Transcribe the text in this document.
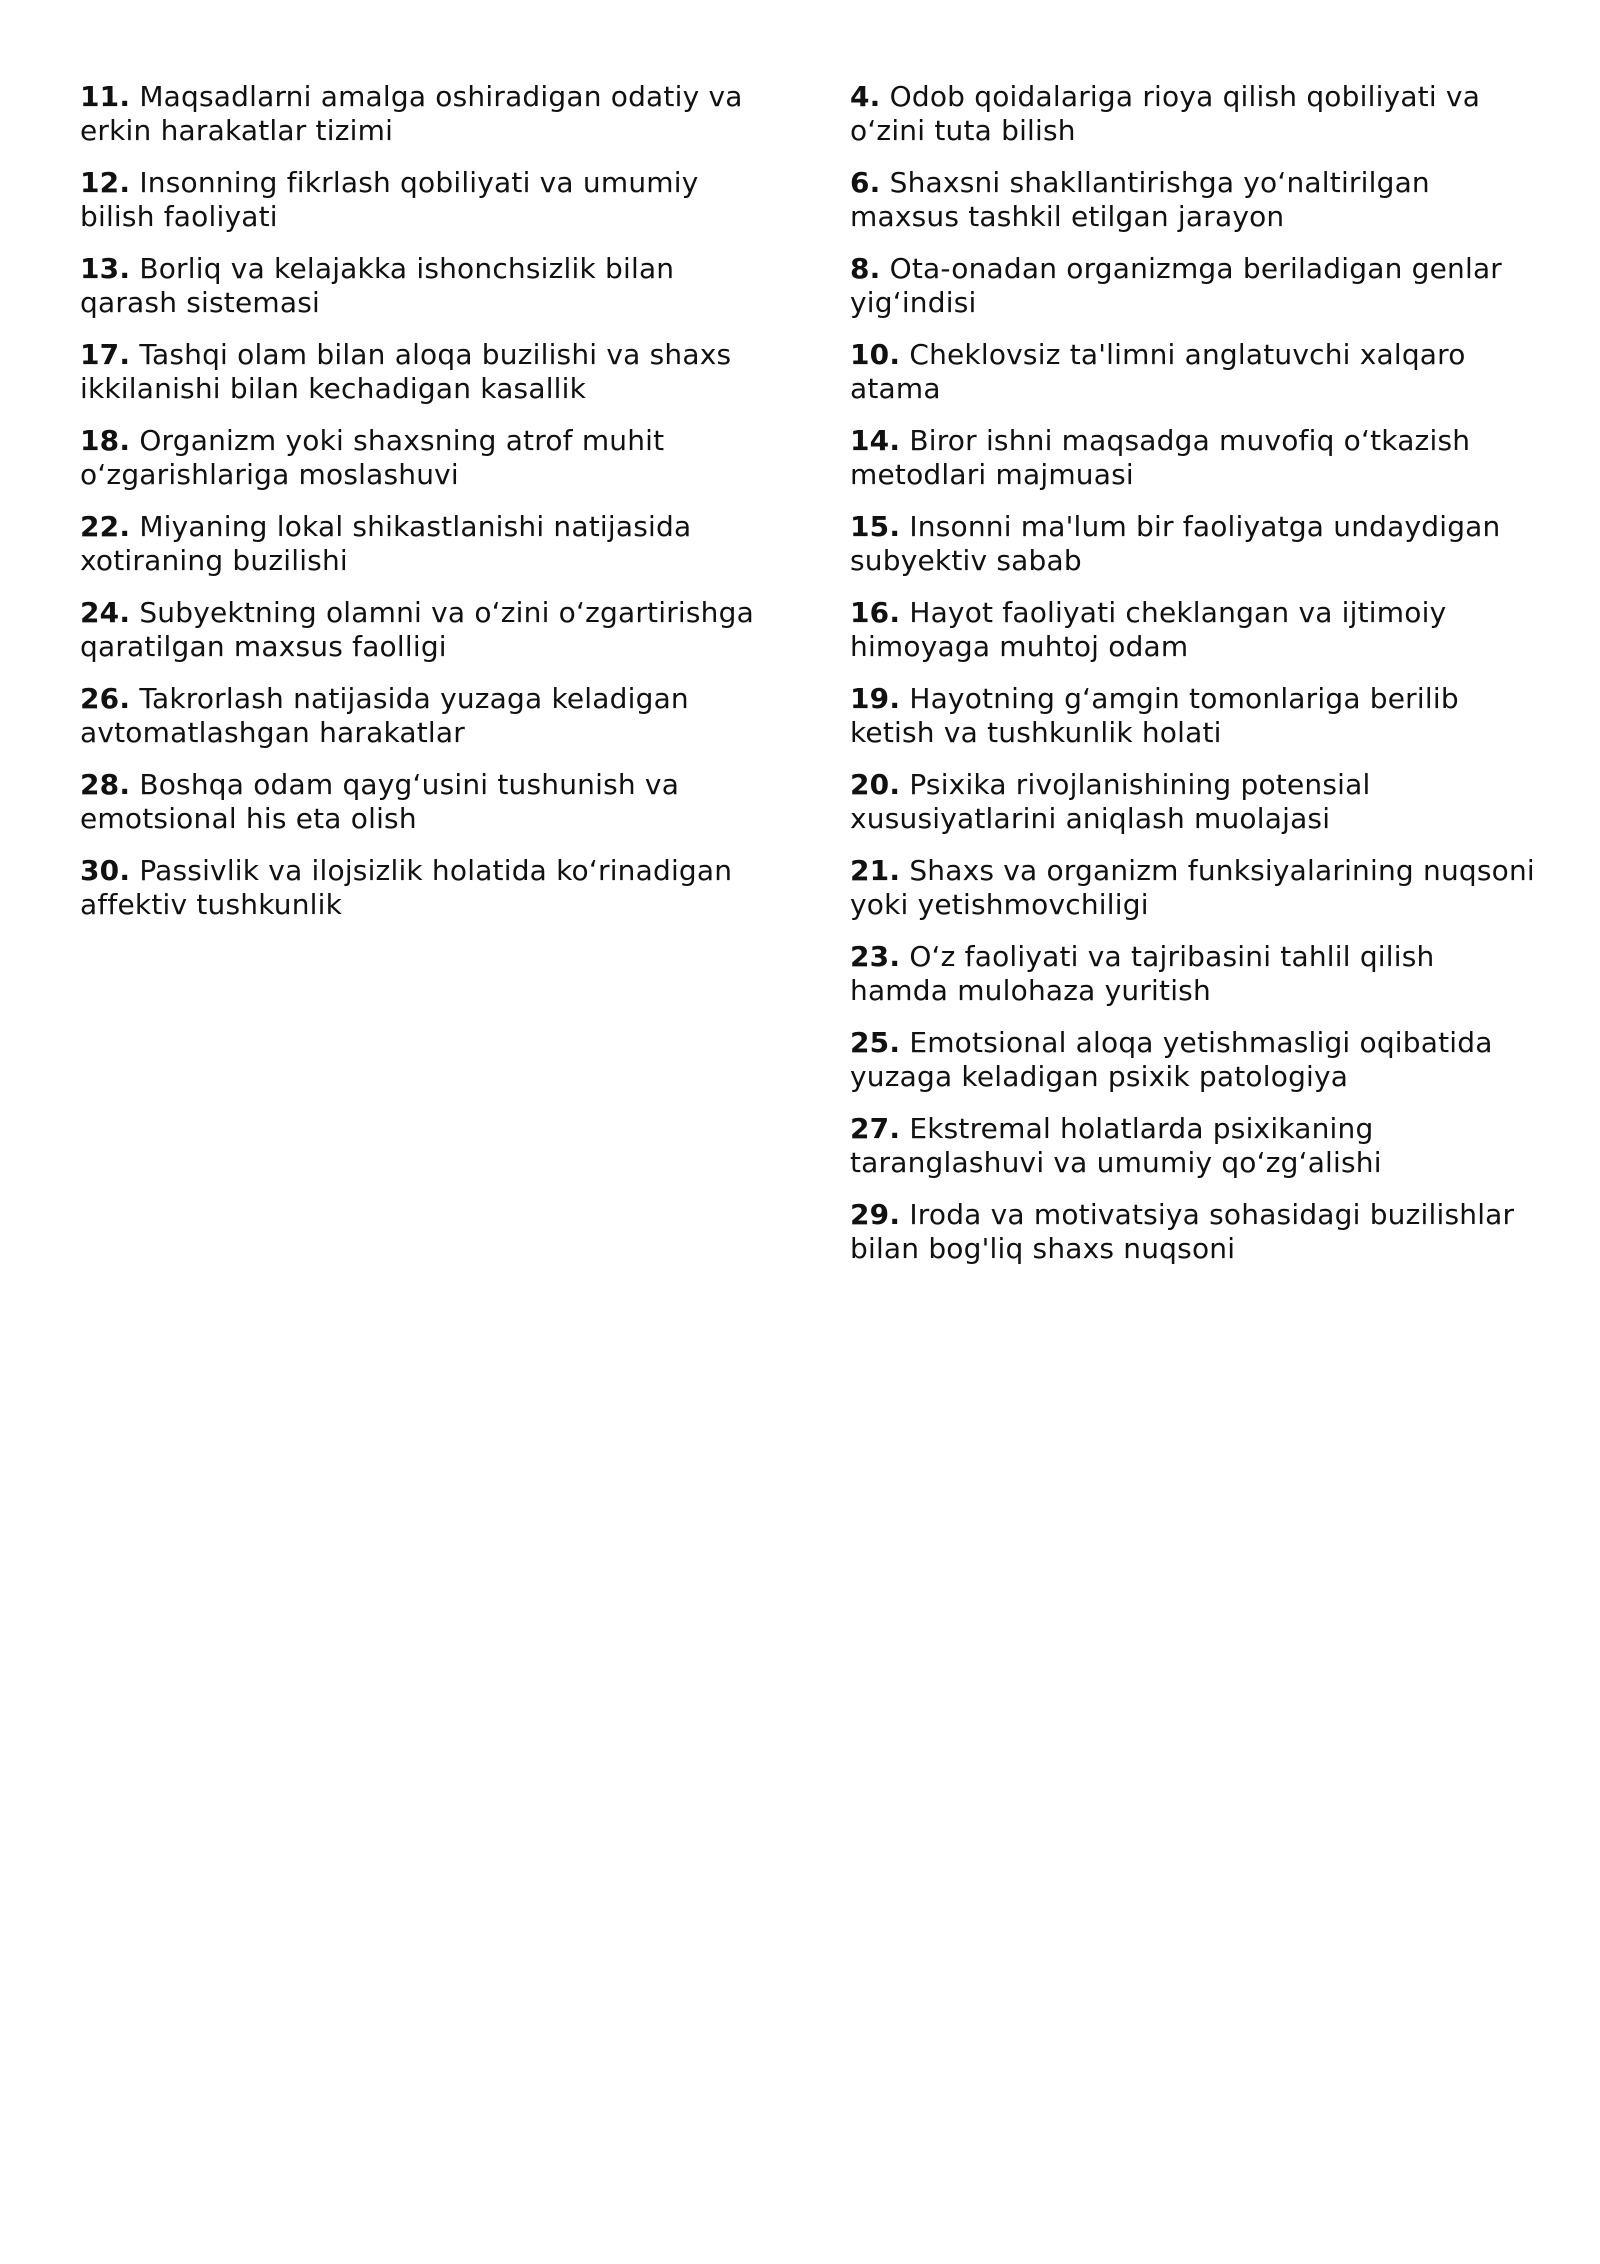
11. Maqsadlarni amalga oshiradigan odatiy va erkin harakatlar tizimi

12. Insonning fikrlash qobiliyati va umumiy bilish faoliyati

13. Borliq va kelajakka ishonchsizlik bilan qarash sistemasi

17. Tashqi olam bilan aloqa buzilishi va shaxs ikkilanishi bilan kechadigan kasallik

18. Organizm yoki shaxsning atrof muhit o‘zgarishlariga moslashuvi

22. Miyaning lokal shikastlanishi natijasida xotiraning buzilishi

24. Subyektning olamni va o‘zini o‘zgartirishga qaratilgan maxsus faolligi

26. Takrorlash natijasida yuzaga keladigan avtomatlashgan harakatlar

28. Boshqa odam qayg‘usini tushunish va emotsional his eta olish

30. Passivlik va ilojsizlik holatida ko‘rinadigan affektiv tushkunlik

4. Odob qoidalariga rioya qilish qobiliyati va o‘zini tuta bilish

6. Shaxsni shakllantirishga yo‘naltirilgan maxsus tashkil etilgan jarayon

8. Ota-onadan organizmga beriladigan genlar yig‘indisi

10. Cheklovsiz ta'limni anglatuvchi xalqaro atama

14. Biror ishni maqsadga muvofiq o‘tkazish metodlari majmuasi

15. Insonni ma'lum bir faoliyatga undaydigan subyektiv sabab

16. Hayot faoliyati cheklangan va ijtimoiy himoyaga muhtoj odam

19. Hayotning g‘amgin tomonlariga berilib ketish va tushkunlik holati

20. Psixika rivojlanishining potensial xususiyatlarini aniqlash muolajasi

21. Shaxs va organizm funksiyalarining nuqsoni yoki yetishmovchiligi

23. O‘z faoliyati va tajribasini tahlil qilish hamda mulohaza yuritish

25. Emotsional aloqa yetishmasligi oqibatida yuzaga keladigan psixik patologiya

27. Ekstremal holatlarda psixikaning taranglashuvi va umumiy qo‘zg‘alishi

29. Iroda va motivatsiya sohasidagi buzilishlar bilan bog'liq shaxs nuqsoni
